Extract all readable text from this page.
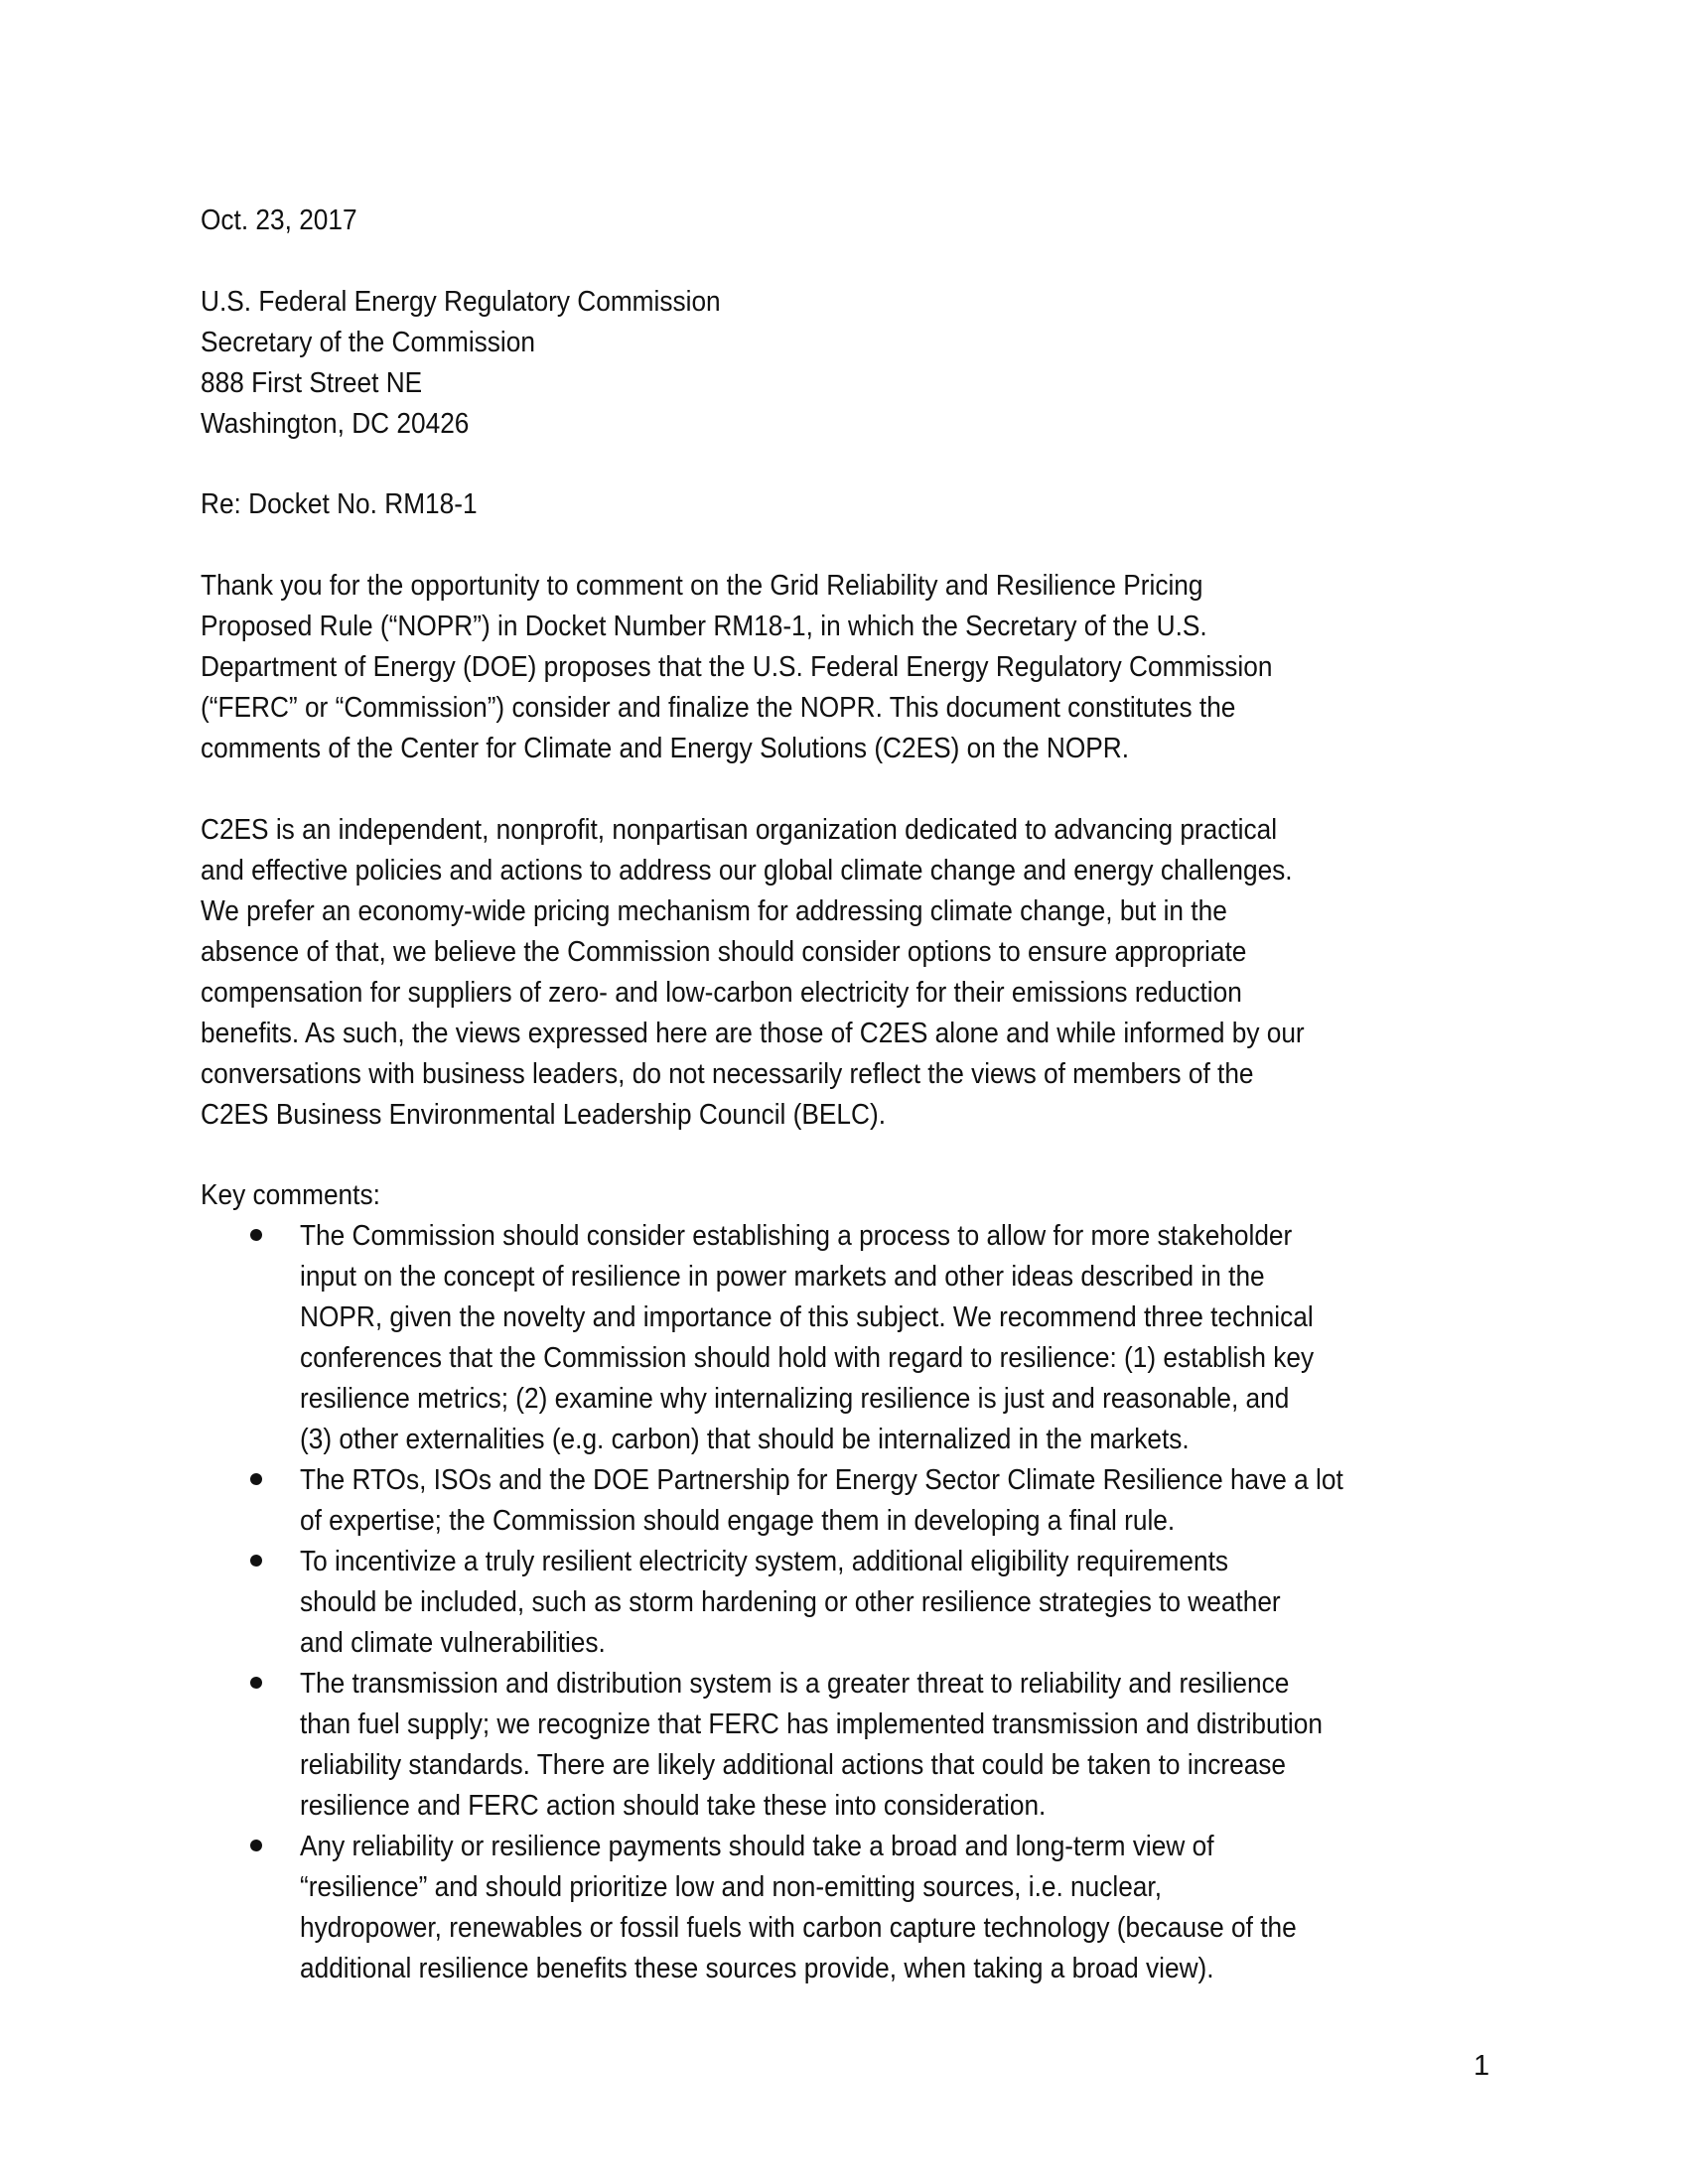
Oct. 23, 2017
U.S. Federal Energy Regulatory Commission
Secretary of the Commission
888 First Street NE
Washington, DC 20426
Re: Docket No. RM18-1
Thank you for the opportunity to comment on the Grid Reliability and Resilience Pricing
Proposed Rule (“NOPR”) in Docket Number RM18-1, in which the Secretary of the U.S.
Department of Energy (DOE) proposes that the U.S. Federal Energy Regulatory Commission
(“FERC” or “Commission”) consider and finalize the NOPR. This document constitutes the
comments of the Center for Climate and Energy Solutions (C2ES) on the NOPR.
C2ES is an independent, nonprofit, nonpartisan organization dedicated to advancing practical
and effective policies and actions to address our global climate change and energy challenges.
We prefer an economy-wide pricing mechanism for addressing climate change, but in the
absence of that, we believe the Commission should consider options to ensure appropriate
compensation for suppliers of zero- and low-carbon electricity for their emissions reduction
benefits. As such, the views expressed here are those of C2ES alone and while informed by our
conversations with business leaders, do not necessarily reflect the views of members of the
C2ES Business Environmental Leadership Council (BELC).
Key comments:
The Commission should consider establishing a process to allow for more stakeholder
input on the concept of resilience in power markets and other ideas described in the
NOPR, given the novelty and importance of this subject. We recommend three technical
conferences that the Commission should hold with regard to resilience: (1) establish key
resilience metrics; (2) examine why internalizing resilience is just and reasonable, and
(3) other externalities (e.g. carbon) that should be internalized in the markets.
The RTOs, ISOs and the DOE Partnership for Energy Sector Climate Resilience have a lot
of expertise; the Commission should engage them in developing a final rule.
To incentivize a truly resilient electricity system, additional eligibility requirements
should be included, such as storm hardening or other resilience strategies to weather
and climate vulnerabilities.
The transmission and distribution system is a greater threat to reliability and resilience
than fuel supply; we recognize that FERC has implemented transmission and distribution
reliability standards. There are likely additional actions that could be taken to increase
resilience and FERC action should take these into consideration.
Any reliability or resilience payments should take a broad and long-term view of
“resilience” and should prioritize low and non-emitting sources, i.e. nuclear,
hydropower, renewables or fossil fuels with carbon capture technology (because of the
additional resilience benefits these sources provide, when taking a broad view).
1
